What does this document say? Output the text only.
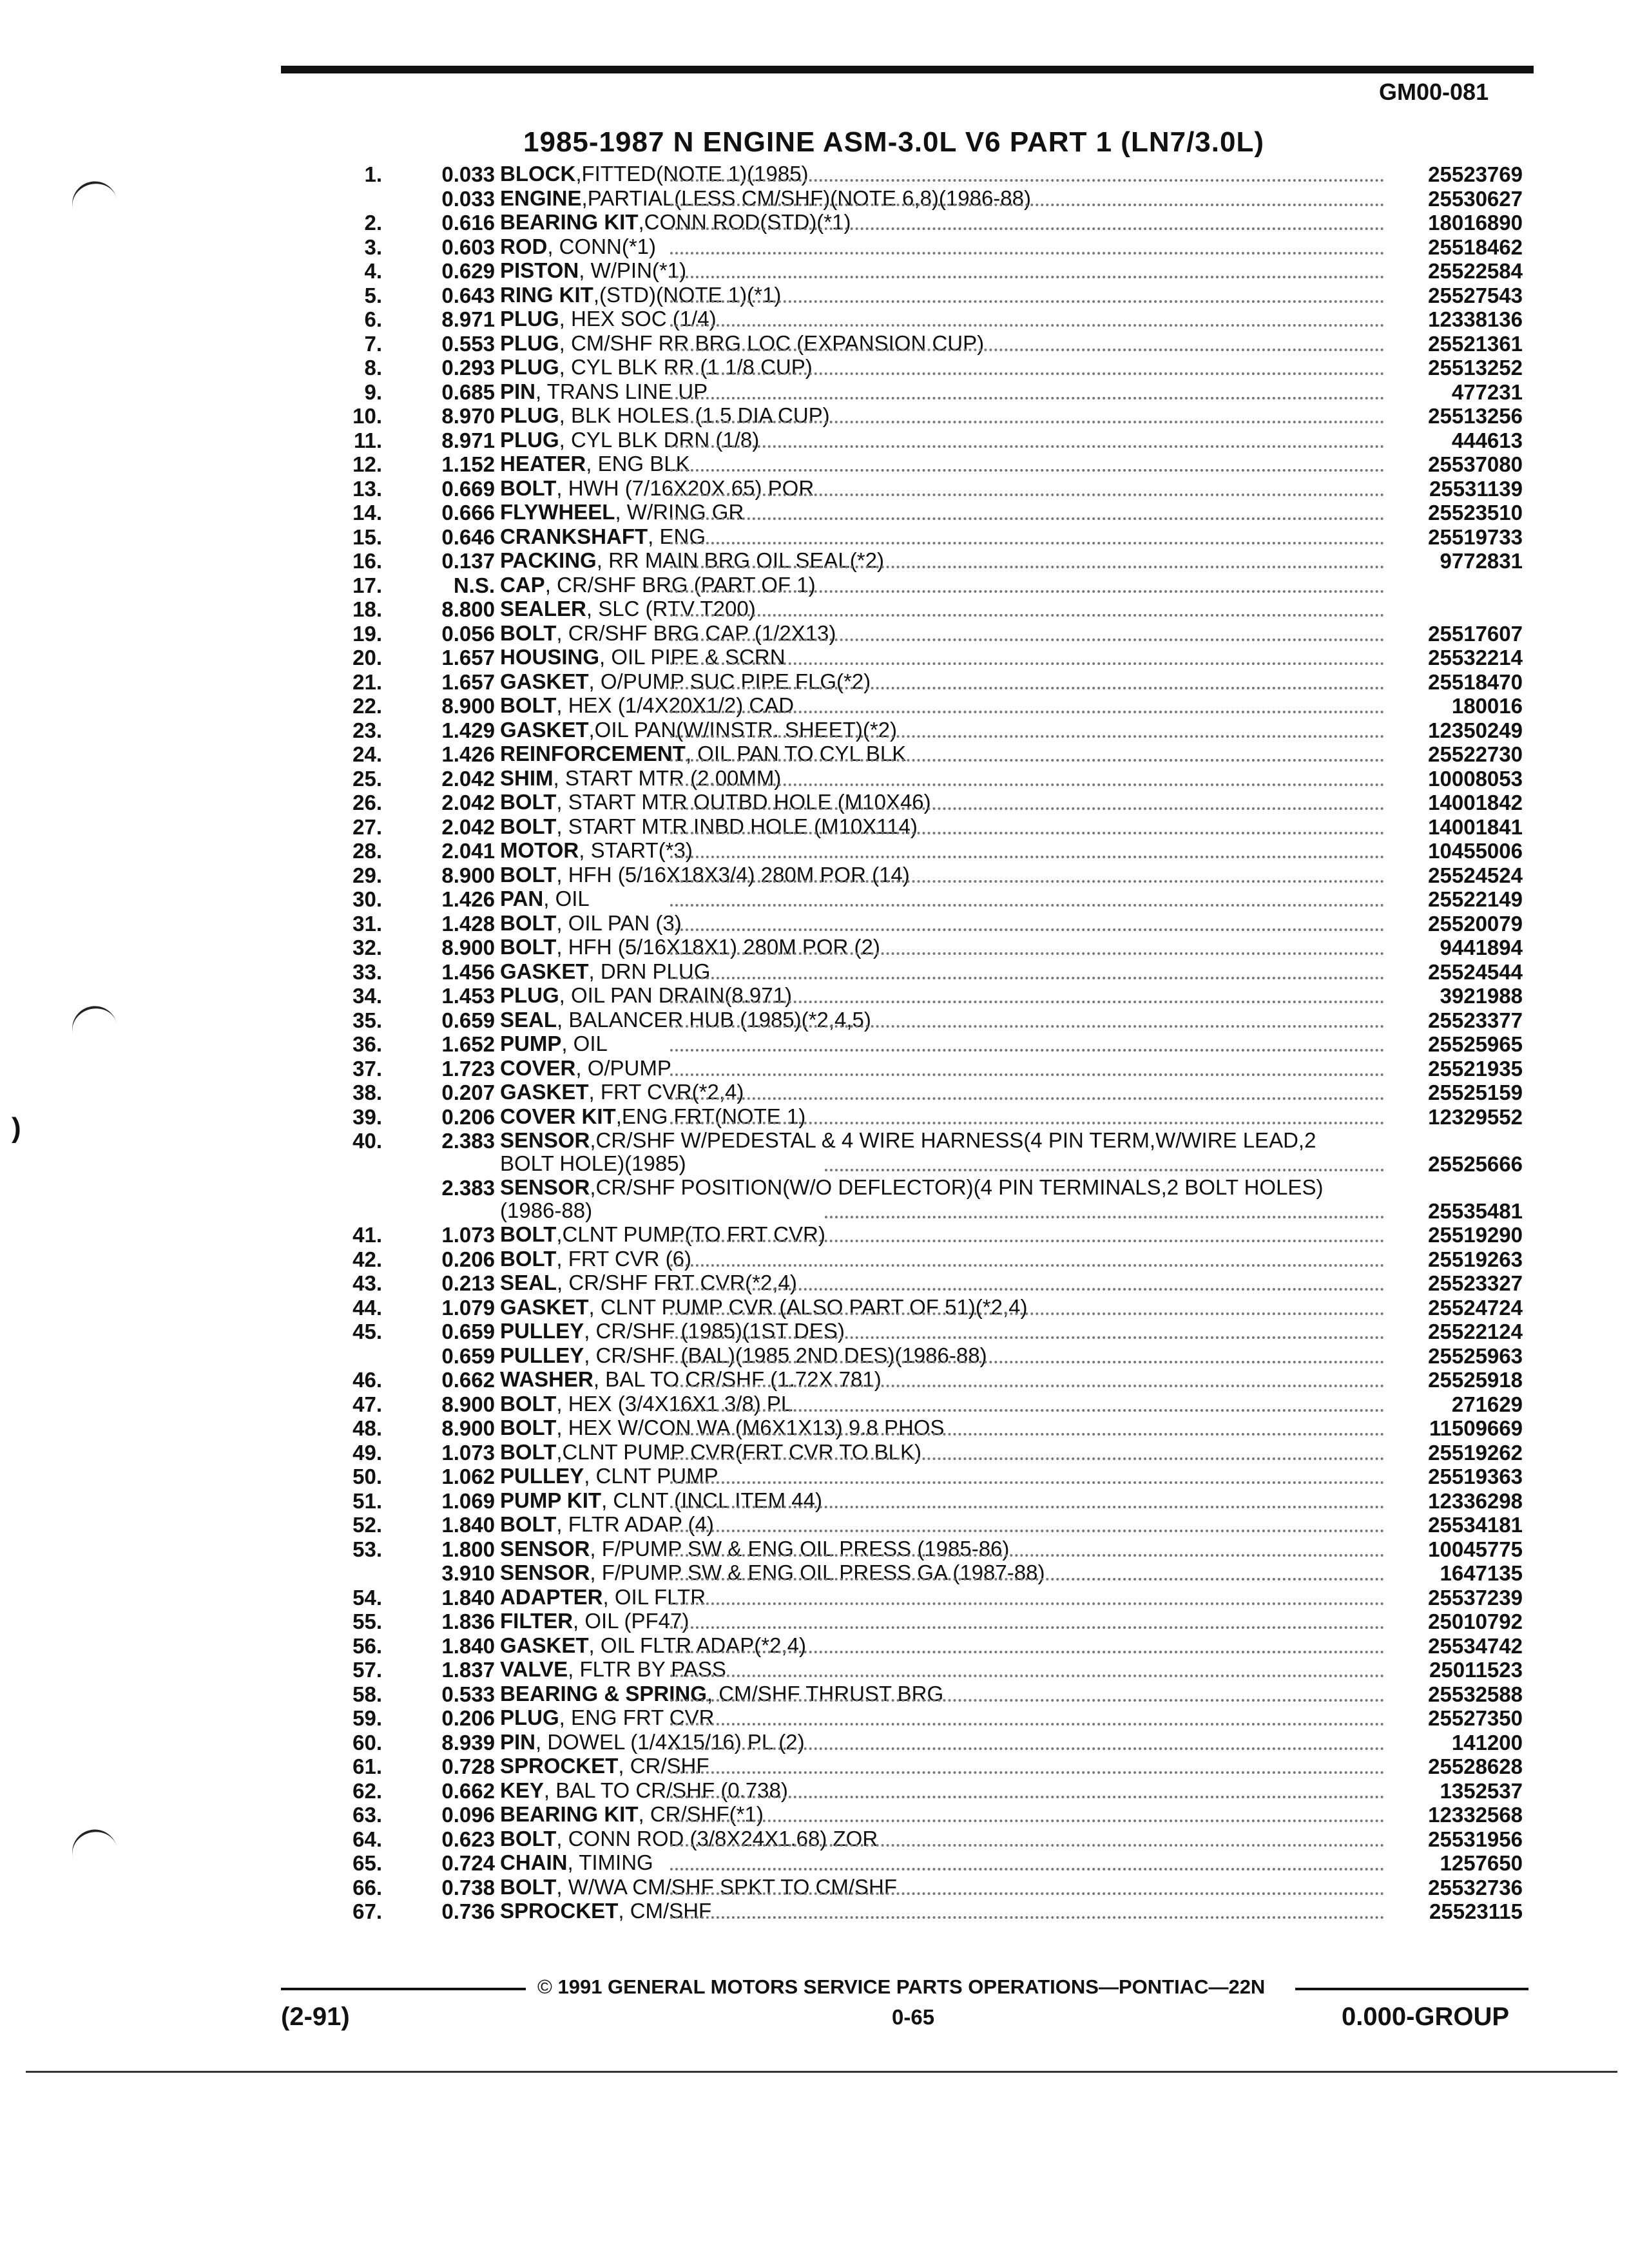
GM00-081
1985-1987 N ENGINE ASM-3.0L V6 PART 1 (LN7/3.0L)
1.	0.033 BLOCK,FITTED(NOTE 1)(1985)	25523769
0.033 ENGINE,PARTIAL(LESS CM/SHF)(NOTE 6,8)(1986-88)	25530627
2.	0.616 BEARING KIT,CONN ROD(STD)(*1)	18016890
3.	0.603 ROD, CONN(*1)	25518462
4.	0.629 PISTON, W/PIN(*1)	25522584
5.	0.643 RING KIT,(STD)(NOTE 1)(*1)	25527543
6.	8.971 PLUG, HEX SOC (1/4)	12338136
7.	0.553 PLUG, CM/SHF RR BRG LOC (EXPANSION CUP)	25521361
8.	0.293 PLUG, CYL BLK RR (1 1/8 CUP)	25513252
9.	0.685 PIN, TRANS LINE UP	477231
10.	8.970 PLUG, BLK HOLES (1.5 DIA CUP)	25513256
11.	8.971 PLUG, CYL BLK DRN (1/8)	444613
12.	1.152 HEATER, ENG BLK	25537080
13.	0.669 BOLT, HWH (7/16X20X.65) POR	25531139
14.	0.666 FLYWHEEL, W/RING GR	25523510
15.	0.646 CRANKSHAFT, ENG	25519733
16.	0.137 PACKING, RR MAIN BRG OIL SEAL(*2)	9772831
17.	N.S. CAP, CR/SHF BRG (PART OF 1)
18.	8.800 SEALER, SLC (RTV T200)
19.	0.056 BOLT, CR/SHF BRG CAP (1/2X13)	25517607
20.	1.657 HOUSING, OIL PIPE & SCRN	25532214
21.	1.657 GASKET, O/PUMP SUC PIPE FLG(*2)	25518470
22.	8.900 BOLT, HEX (1/4X20X1/2) CAD	180016
23.	1.429 GASKET,OIL PAN(W/INSTR. SHEET)(*2)	12350249
24.	1.426 REINFORCEMENT, OIL PAN TO CYL BLK	25522730
25.	2.042 SHIM, START MTR (2.00MM)	10008053
26.	2.042 BOLT, START MTR OUTBD HOLE (M10X46)	14001842
27.	2.042 BOLT, START MTR INBD HOLE (M10X114)	14001841
28.	2.041 MOTOR, START(*3)	10455006
29.	8.900 BOLT, HFH (5/16X18X3/4) 280M POR (14)	25524524
30.	1.426 PAN, OIL	25522149
31.	1.428 BOLT, OIL PAN (3)	25520079
32.	8.900 BOLT, HFH (5/16X18X1) 280M POR (2)	9441894
33.	1.456 GASKET, DRN PLUG	25524544
34.	1.453 PLUG, OIL PAN DRAIN(8.971)	3921988
35.	0.659 SEAL, BALANCER HUB (1985)(*2,4,5)	25523377
36.	1.652 PUMP, OIL	25525965
37.	1.723 COVER, O/PUMP	25521935
38.	0.207 GASKET, FRT CVR(*2,4)	25525159
39.	0.206 COVER KIT,ENG FRT(NOTE 1)	12329552
40.	2.383 SENSOR,CR/SHF W/PEDESTAL & 4 WIRE HARNESS(4 PIN TERM,W/WIRE LEAD,2 BOLT HOLE)(1985)	25525666
2.383 SENSOR,CR/SHF POSITION(W/O DEFLECTOR)(4 PIN TERMINALS,2 BOLT HOLES)(1986-88)	25535481
41.	1.073 BOLT,CLNT PUMP(TO FRT CVR)	25519290
42.	0.206 BOLT, FRT CVR (6)	25519263
43.	0.213 SEAL, CR/SHF FRT CVR(*2,4)	25523327
44.	1.079 GASKET, CLNT PUMP CVR (ALSO PART OF 51)(*2,4)	25524724
45.	0.659 PULLEY, CR/SHF (1985)(1ST DES)	25522124
0.659 PULLEY, CR/SHF (BAL)(1985 2ND DES)(1986-88)	25525963
46.	0.662 WASHER, BAL TO CR/SHF (1.72X.781)	25525918
47.	8.900 BOLT, HEX (3/4X16X1 3/8) PL	271629
48.	8.900 BOLT, HEX W/CON WA (M6X1X13) 9.8 PHOS	11509669
49.	1.073 BOLT,CLNT PUMP CVR(FRT CVR TO BLK)	25519262
50.	1.062 PULLEY, CLNT PUMP	25519363
51.	1.069 PUMP KIT, CLNT (INCL ITEM 44)	12336298
52.	1.840 BOLT, FLTR ADAP (4)	25534181
53.	1.800 SENSOR, F/PUMP SW & ENG OIL PRESS (1985-86)	10045775
3.910 SENSOR, F/PUMP SW & ENG OIL PRESS GA (1987-88)	1647135
54.	1.840 ADAPTER, OIL FLTR	25537239
55.	1.836 FILTER, OIL (PF47)	25010792
56.	1.840 GASKET, OIL FLTR ADAP(*2,4)	25534742
57.	1.837 VALVE, FLTR BY PASS	25011523
58.	0.533 BEARING & SPRING, CM/SHF THRUST BRG	25532588
59.	0.206 PLUG, ENG FRT CVR	25527350
60.	8.939 PIN, DOWEL (1/4X15/16) PL (2)	141200
61.	0.728 SPROCKET, CR/SHF	25528628
62.	0.662 KEY, BAL TO CR/SHF (0.738)	1352537
63.	0.096 BEARING KIT, CR/SHF(*1)	12332568
64.	0.623 BOLT, CONN ROD (3/8X24X1.68) ZOR	25531956
65.	0.724 CHAIN, TIMING	1257650
66.	0.738 BOLT, W/WA CM/SHF SPKT TO CM/SHF	25532736
67.	0.736 SPROCKET, CM/SHF	25523115
© 1991 GENERAL MOTORS SERVICE PARTS OPERATIONS—PONTIAC—22N
(2-91)	0-65	0.000-GROUP
)
